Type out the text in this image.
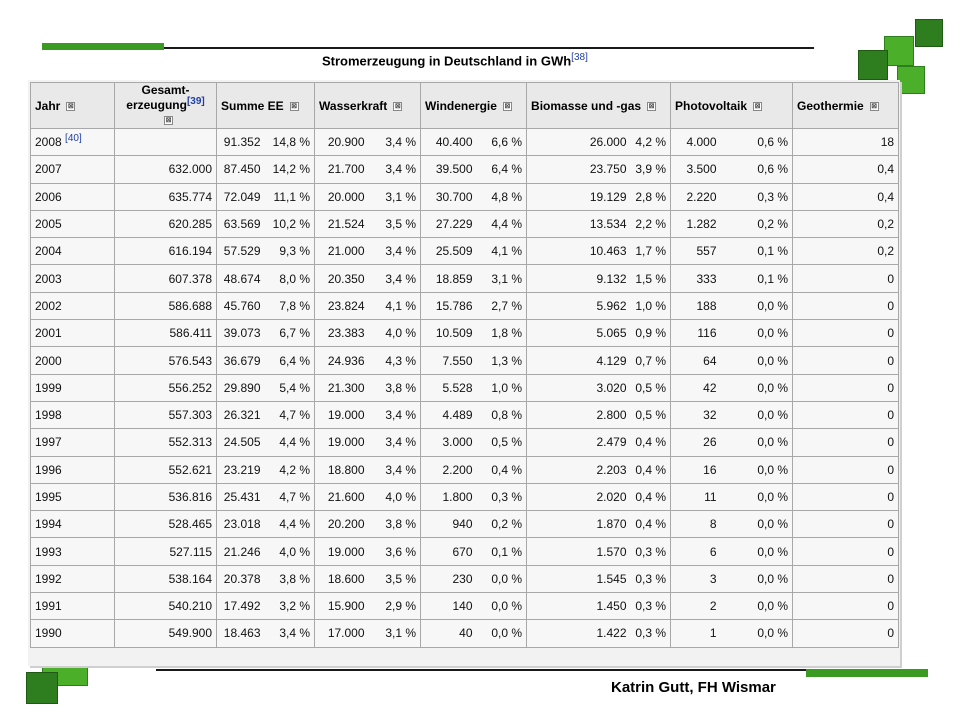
Stromerzeugung in Deutschland in GWh[38]
Jahr ⊠	Gesamt-
erzeugung[39]⊠	Summe EE ⊠		Wasserkraft ⊠		Windenergie ⊠		Biomasse und -gas ⊠		Photovoltaik ⊠		Geothermie ⊠
2008 [40]		91.352	14,8 %	20.900	3,4 %	40.400	6,6 %	26.000	4,2 %	4.000	0,6 %	18
2007	632.000	87.450	14,2 %	21.700	3,4 %	39.500	6,4 %	23.750	3,9 %	3.500	0,6 %	0,4
2006	635.774	72.049	11,1 %	20.000	3,1 %	30.700	4,8 %	19.129	2,8 %	2.220	0,3 %	0,4
2005	620.285	63.569	10,2 %	21.524	3,5 %	27.229	4,4 %	13.534	2,2 %	1.282	0,2 %	0,2
2004	616.194	57.529	9,3 %	21.000	3,4 %	25.509	4,1 %	10.463	1,7 %	557	0,1 %	0,2
2003	607.378	48.674	8,0 %	20.350	3,4 %	18.859	3,1 %	9.132	1,5 %	333	0,1 %	0
2002	586.688	45.760	7,8 %	23.824	4,1 %	15.786	2,7 %	5.962	1,0 %	188	0,0 %	0
2001	586.411	39.073	6,7 %	23.383	4,0 %	10.509	1,8 %	5.065	0,9 %	116	0,0 %	0
2000	576.543	36.679	6,4 %	24.936	4,3 %	7.550	1,3 %	4.129	0,7 %	64	0,0 %	0
1999	556.252	29.890	5,4 %	21.300	3,8 %	5.528	1,0 %	3.020	0,5 %	42	0,0 %	0
1998	557.303	26.321	4,7 %	19.000	3,4 %	4.489	0,8 %	2.800	0,5 %	32	0,0 %	0
1997	552.313	24.505	4,4 %	19.000	3,4 %	3.000	0,5 %	2.479	0,4 %	26	0,0 %	0
1996	552.621	23.219	4,2 %	18.800	3,4 %	2.200	0,4 %	2.203	0,4 %	16	0,0 %	0
1995	536.816	25.431	4,7 %	21.600	4,0 %	1.800	0,3 %	2.020	0,4 %	11	0,0 %	0
1994	528.465	23.018	4,4 %	20.200	3,8 %	940	0,2 %	1.870	0,4 %	8	0,0 %	0
1993	527.115	21.246	4,0 %	19.000	3,6 %	670	0,1 %	1.570	0,3 %	6	0,0 %	0
1992	538.164	20.378	3,8 %	18.600	3,5 %	230	0,0 %	1.545	0,3 %	3	0,0 %	0
1991	540.210	17.492	3,2 %	15.900	2,9 %	140	0,0 %	1.450	0,3 %	2	0,0 %	0
1990	549.900	18.463	3,4 %	17.000	3,1 %	40	0,0 %	1.422	0,3 %	1	0,0 %	0
Katrin Gutt, FH Wismar
